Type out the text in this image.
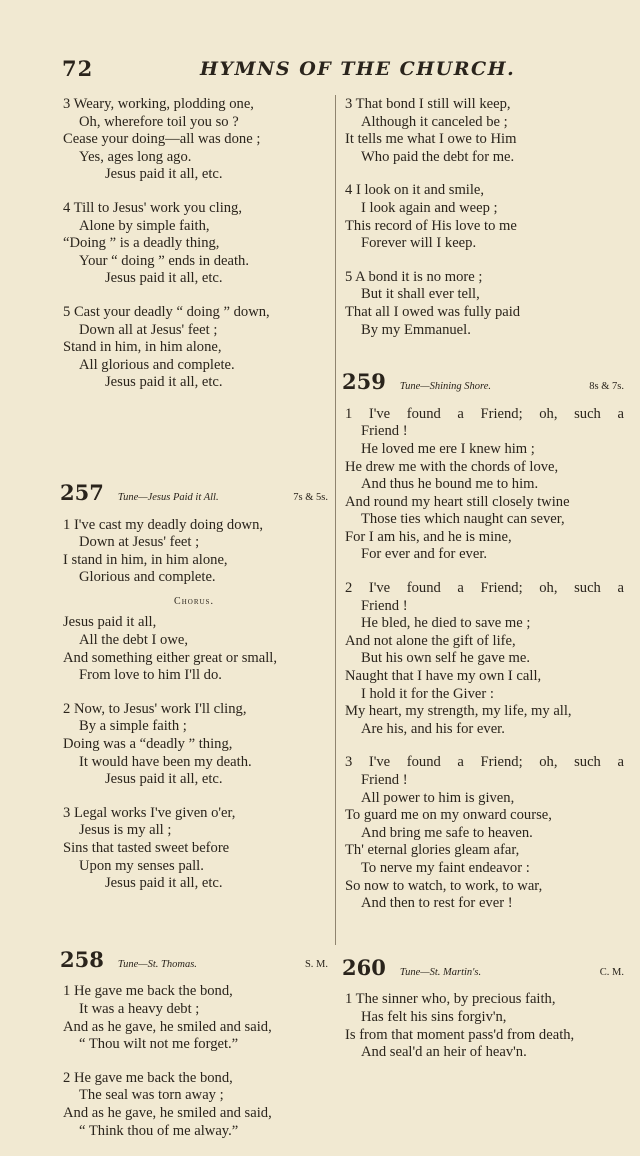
72	HYMNS OF THE CHURCH.
3 Weary, working, plodding one,
Oh, wherefore toil you so ?
Cease your doing—all was done ;
Yes, ages long ago.
Jesus paid it all, etc.
4 Till to Jesus' work you cling,
Alone by simple faith,
“Doing ” is a deadly thing,
Your “ doing ” ends in death.
Jesus paid it all, etc.
5 Cast your deadly “ doing ” down,
Down all at Jesus' feet ;
Stand in him, in him alone,
All glorious and complete.
Jesus paid it all, etc.
257 Tune—Jesus Paid it All.	7s & 5s.
1 I've cast my deadly doing down,
Down at Jesus' feet ;
I stand in him, in him alone,
Glorious and complete.
Chorus.
Jesus paid it all,
All the debt I owe,
And something either great or small,
From love to him I'll do.
2 Now, to Jesus' work I'll cling,
By a simple faith ;
Doing was a “deadly ” thing,
It would have been my death.
Jesus paid it all, etc.
3 Legal works I've given o'er,
Jesus is my all ;
Sins that tasted sweet before
Upon my senses pall.
Jesus paid it all, etc.
258 Tune—St. Thomas.	S. M.
1 He gave me back the bond,
It was a heavy debt ;
And as he gave, he smiled and said,
“ Thou wilt not me forget.”
2 He gave me back the bond,
The seal was torn away ;
And as he gave, he smiled and said,
“ Think thou of me alway.”
3 That bond I still will keep,
Although it canceled be ;
It tells me what I owe to Him
Who paid the debt for me.
4 I look on it and smile,
I look again and weep ;
This record of His love to me
Forever will I keep.
5 A bond it is no more ;
But it shall ever tell,
That all I owed was fully paid
By my Emmanuel.
259 Tune—Shining Shore.	8s & 7s.
1 I've found a Friend; oh, such a
Friend !
He loved me ere I knew him ;
He drew me with the chords of love,
And thus he bound me to him.
And round my heart still closely twine
Those ties which naught can sever,
For I am his, and he is mine,
For ever and for ever.
2 I've found a Friend; oh, such a
Friend !
He bled, he died to save me ;
And not alone the gift of life,
But his own self he gave me.
Naught that I have my own I call,
I hold it for the Giver :
My heart, my strength, my life, my all,
Are his, and his for ever.
3 I've found a Friend; oh, such a
Friend !
All power to him is given,
To guard me on my onward course,
And bring me safe to heaven.
Th' eternal glories gleam afar,
To nerve my faint endeavor :
So now to watch, to work, to war,
And then to rest for ever !
260 Tune—St. Martin's.	C. M.
1 The sinner who, by precious faith,
Has felt his sins forgiv'n,
Is from that moment pass'd from death,
And seal'd an heir of heav'n.
